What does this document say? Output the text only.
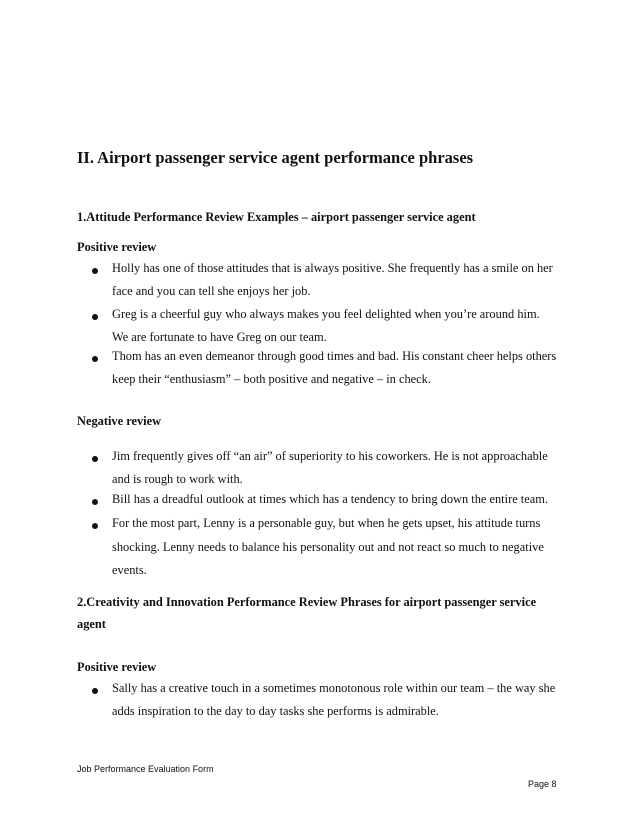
II. Airport passenger service agent performance phrases

1.Attitude Performance Review Examples – airport passenger service agent

Positive review

Holly has one of those attitudes that is always positive. She frequently has a smile on her

face and you can tell she enjoys her job.

Greg is a cheerful guy who always makes you feel delighted when you’re around him.

We are fortunate to have Greg on our team.

Thom has an even demeanor through good times and bad. His constant cheer helps others

keep their “enthusiasm” – both positive and negative – in check.

Negative review

Jim frequently gives off “an air” of superiority to his coworkers. He is not approachable

and is rough to work with.

Bill has a dreadful outlook at times which has a tendency to bring down the entire team.

For the most part, Lenny is a personable guy, but when he gets upset, his attitude turns

shocking. Lenny needs to balance his personality out and not react so much to negative

events.

2.Creativity and Innovation Performance Review Phrases for airport passenger service

agent

Positive review

Sally has a creative touch in a sometimes monotonous role within our team – the way she

adds inspiration to the day to day tasks she performs is admirable.

Job Performance Evaluation Form
Page 8
